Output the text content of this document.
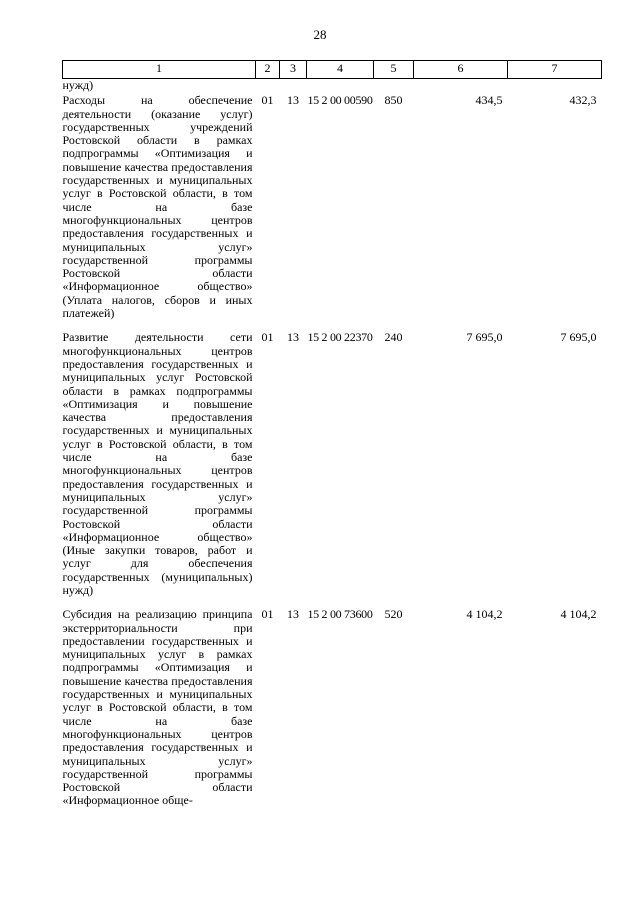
28
1	2	3	4	5	6	7
нужд)						
Расходы на обеспечение деятельности (оказание услуг) государственных учреждений Ростовской области в рамках подпрограммы «Оптимизация и повышение качества предоставления государственных и муниципальных услуг в Ростовской области, в том числе на базе многофункциональных центров предоставления государственных и муниципальных услуг» государственной программы Ростовской области «Информационное общество» (Уплата налогов, сборов и иных платежей)	01	13	15 2 00 00590	850	434,5	432,3
Развитие деятельности сети многофункциональных центров предоставления государственных и муниципальных услуг Ростовской области в рамках подпрограммы «Оптимизация и повышение качества предоставления государственных и муниципальных услуг в Ростовской области, в том числе на базе многофункциональных центров предоставления государственных и муниципальных услуг» государственной программы Ростовской области «Информационное общество» (Иные закупки товаров, работ и услуг для обеспечения государственных (муниципальных) нужд)	01	13	15 2 00 22370	240	7 695,0	7 695,0
Субсидия на реализацию принципа экстерриториальности при предоставлении государственных и муниципальных услуг в рамках подпрограммы «Оптимизация и повышение качества предоставления государственных и муниципальных услуг в Ростовской области, в том числе на базе многофункциональных центров предоставления государственных и муниципальных услуг» государственной программы Ростовской области «Информационное обще-	01	13	15 2 00 73600	520	4 104,2	4 104,2
